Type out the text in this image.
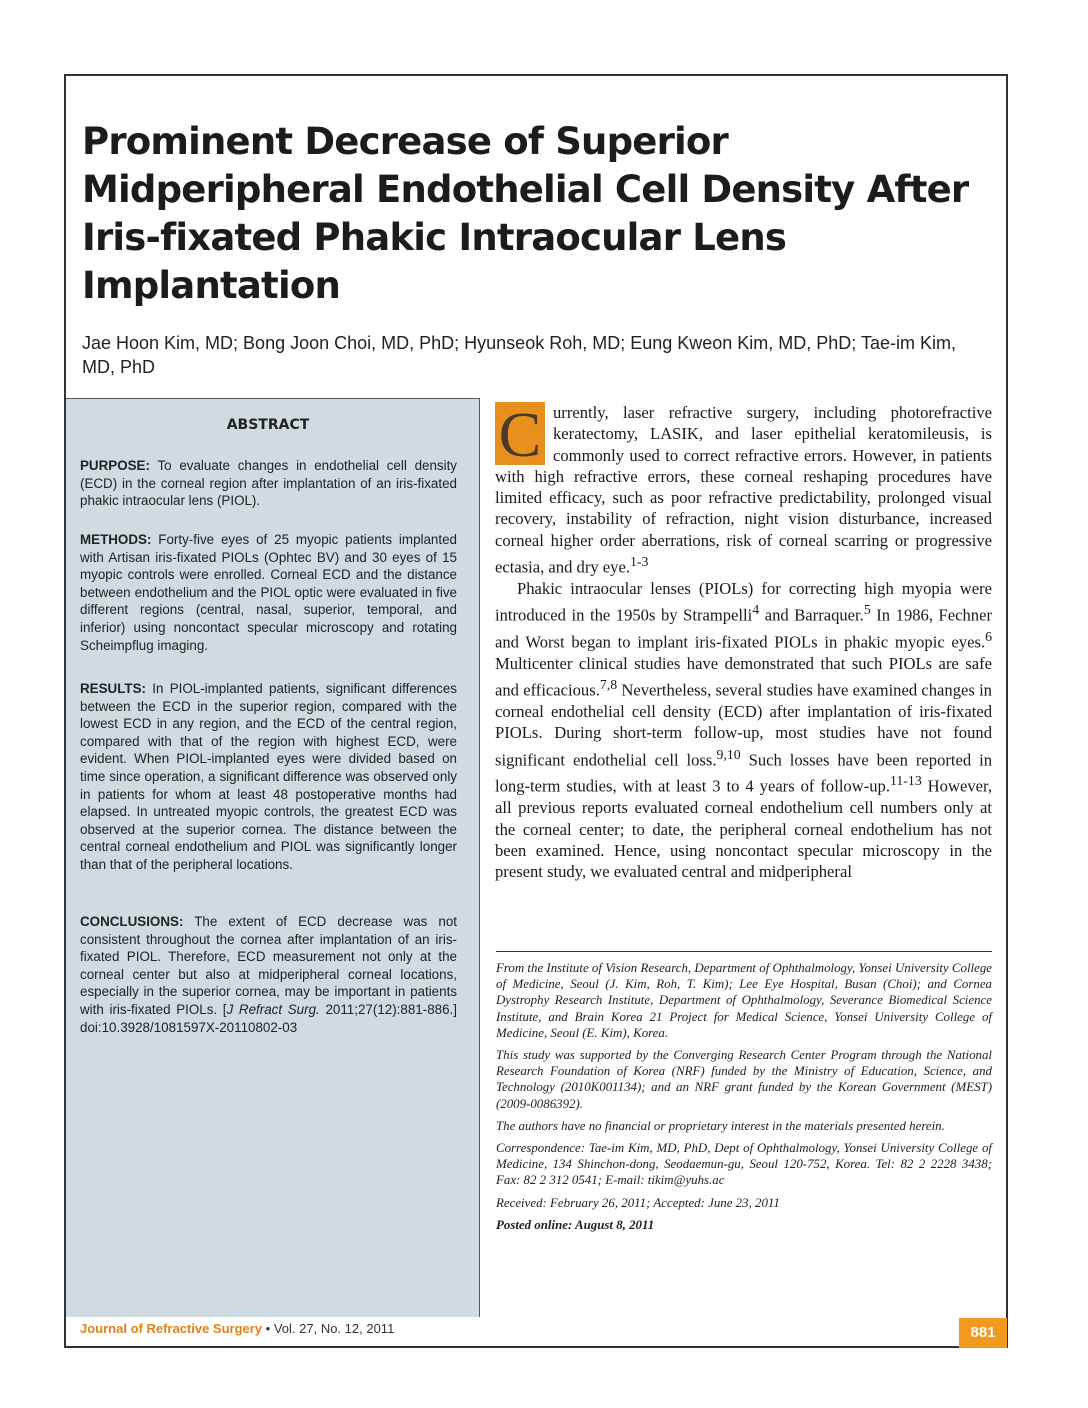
Prominent Decrease of Superior Midperipheral Endothelial Cell Density After Iris-fixated Phakic Intraocular Lens Implantation

Jae Hoon Kim, MD; Bong Joon Choi, MD, PhD; Hyunseok Roh, MD; Eung Kweon Kim, MD, PhD; Tae-im Kim, MD, PhD

ABSTRACT

PURPOSE: To evaluate changes in endothelial cell density (ECD) in the corneal region after implantation of an iris-fixated phakic intraocular lens (PIOL).

METHODS: Forty-five eyes of 25 myopic patients implanted with Artisan iris-fixated PIOLs (Ophtec BV) and 30 eyes of 15 myopic controls were enrolled. Corneal ECD and the distance between endothelium and the PIOL optic were evaluated in five different regions (central, nasal, superior, temporal, and inferior) using noncontact specular microscopy and rotating Scheimpflug imaging.

RESULTS: In PIOL-implanted patients, significant differences between the ECD in the superior region, compared with the lowest ECD in any region, and the ECD of the central region, compared with that of the region with highest ECD, were evident. When PIOL-implanted eyes were divided based on time since operation, a significant difference was observed only in patients for whom at least 48 postoperative months had elapsed. In untreated myopic controls, the greatest ECD was observed at the superior cornea. The distance between the central corneal endothelium and PIOL was significantly longer than that of the peripheral locations.

CONCLUSIONS: The extent of ECD decrease was not consistent throughout the cornea after implantation of an iris-fixated PIOL. Therefore, ECD measurement not only at the corneal center but also at midperipheral corneal locations, especially in the superior cornea, may be important in patients with iris-fixated PIOLs. [J Refract Surg. 2011;27(12):881-886.] doi:10.3928/1081597X-20110802-03

C urrently, laser refractive surgery, including photorefractive keratectomy, LASIK, and laser epithelial keratomileusis, is commonly used to correct refractive errors. However, in patients with high refractive errors, these corneal reshaping procedures have limited efficacy, such as poor refractive predictability, prolonged visual recovery, instability of refraction, night vision disturbance, increased corneal higher order aberrations, risk of corneal scarring or progressive ectasia, and dry eye.$^{1-3}$

Phakic intraocular lenses (PIOLs) for correcting high myopia were introduced in the 1950s by Strampelli$^4$ and Barraquer.$^5$ In 1986, Fechner and Worst began to implant iris-fixated PIOLs in phakic myopic eyes.$^6$ Multicenter clinical studies have demonstrated that such PIOLs are safe and efficacious.$^{7,8}$ Nevertheless, several studies have examined changes in corneal endothelial cell density (ECD) after implantation of iris-fixated PIOLs. During short-term follow-up, most studies have not found significant endothelial cell loss.$^{9,10}$ Such losses have been reported in long-term studies, with at least 3 to 4 years of follow-up.$^{11-13}$ However, all previous reports evaluated corneal endothelium cell numbers only at the corneal center; to date, the peripheral corneal endothelium has not been examined. Hence, using noncontact specular microscopy in the present study, we evaluated central and midperipheral

From the Institute of Vision Research, Department of Ophthalmology, Yonsei University College of Medicine, Seoul (J. Kim, Roh, T. Kim); Lee Eye Hospital, Busan (Choi); and Cornea Dystrophy Research Institute, Department of Ophthalmology, Severance Biomedical Science Institute, and Brain Korea 21 Project for Medical Science, Yonsei University College of Medicine, Seoul (E. Kim), Korea.

This study was supported by the Converging Research Center Program through the National Research Foundation of Korea (NRF) funded by the Ministry of Education, Science, and Technology (2010K001134); and an NRF grant funded by the Korean Government (MEST) (2009-0086392).

The authors have no financial or proprietary interest in the materials presented herein.

Correspondence: Tae-im Kim, MD, PhD, Dept of Ophthalmology, Yonsei University College of Medicine, 134 Shinchon-dong, Seodaemun-gu, Seoul 120-752, Korea. Tel: 82 2 2228 3438; Fax: 82 2 312 0541; E-mail: tikim@yuhs.ac

Received: February 26, 2011; Accepted: June 23, 2011

Posted online: August 8, 2011

Journal of Refractive Surgery • Vol. 27, No. 12, 2011	881
